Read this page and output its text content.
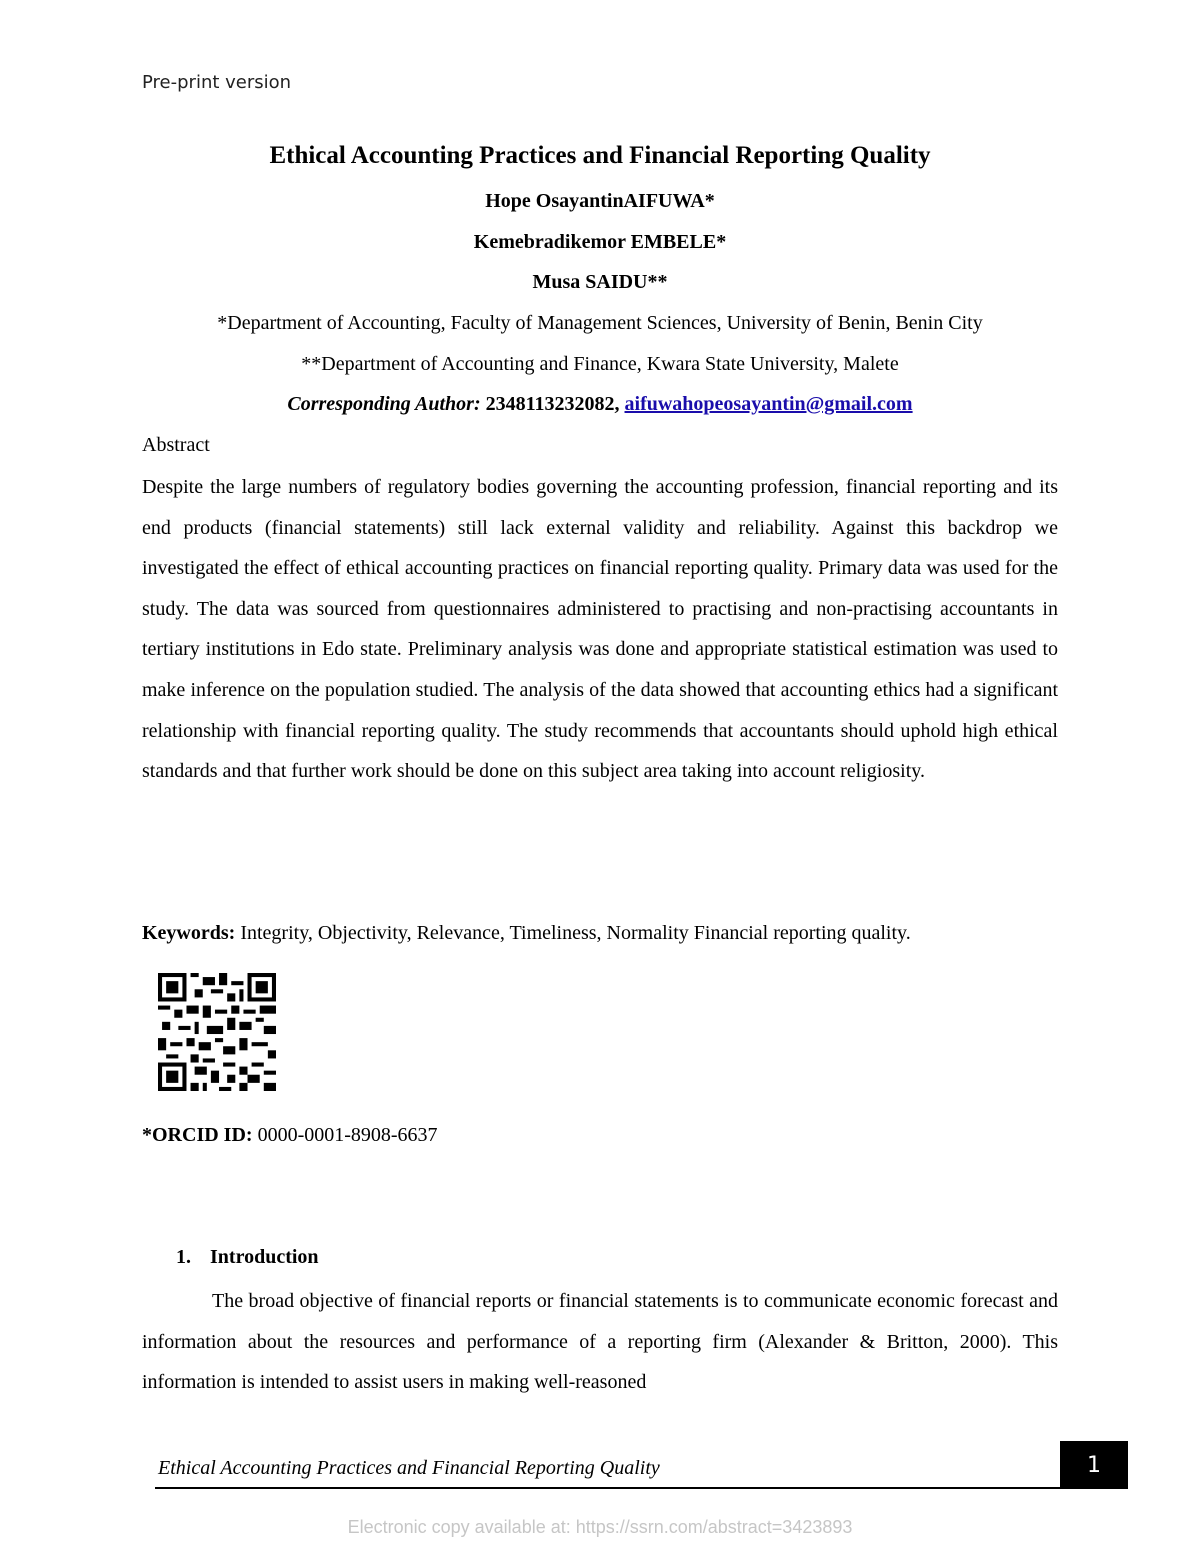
Pre-print version
Ethical Accounting Practices and Financial Reporting Quality
Hope OsayantinAIFUWA*
Kemebradikemor EMBELE*
Musa SAIDU**
*Department of Accounting, Faculty of Management Sciences, University of Benin, Benin City
**Department of Accounting and Finance, Kwara State University, Malete
Corresponding Author: 2348113232082, aifuwahopeosayantin@gmail.com
Abstract

Despite the large numbers of regulatory bodies governing the accounting profession, financial reporting and its end products (financial statements) still lack external validity and reliability. Against this backdrop we investigated the effect of ethical accounting practices on financial reporting quality. Primary data was used for the study. The data was sourced from questionnaires administered to practising and non-practising accountants in tertiary institutions in Edo state. Preliminary analysis was done and appropriate statistical estimation was used to make inference on the population studied. The analysis of the data showed that accounting ethics had a significant relationship with financial reporting quality. The study recommends that accountants should uphold high ethical standards and that further work should be done on this subject area taking into account religiosity.

Keywords: Integrity, Objectivity, Relevance, Timeliness, Normality Financial reporting quality.
*ORCID ID: 0000-0001-8908-6637
1. Introduction

The broad objective of financial reports or financial statements is to communicate economic forecast and information about the resources and performance of a reporting firm (Alexander & Britton, 2000). This information is intended to assist users in making well-reasoned

Ethical Accounting Practices and Financial Reporting Quality	1
Electronic copy available at: https://ssrn.com/abstract=3423893
